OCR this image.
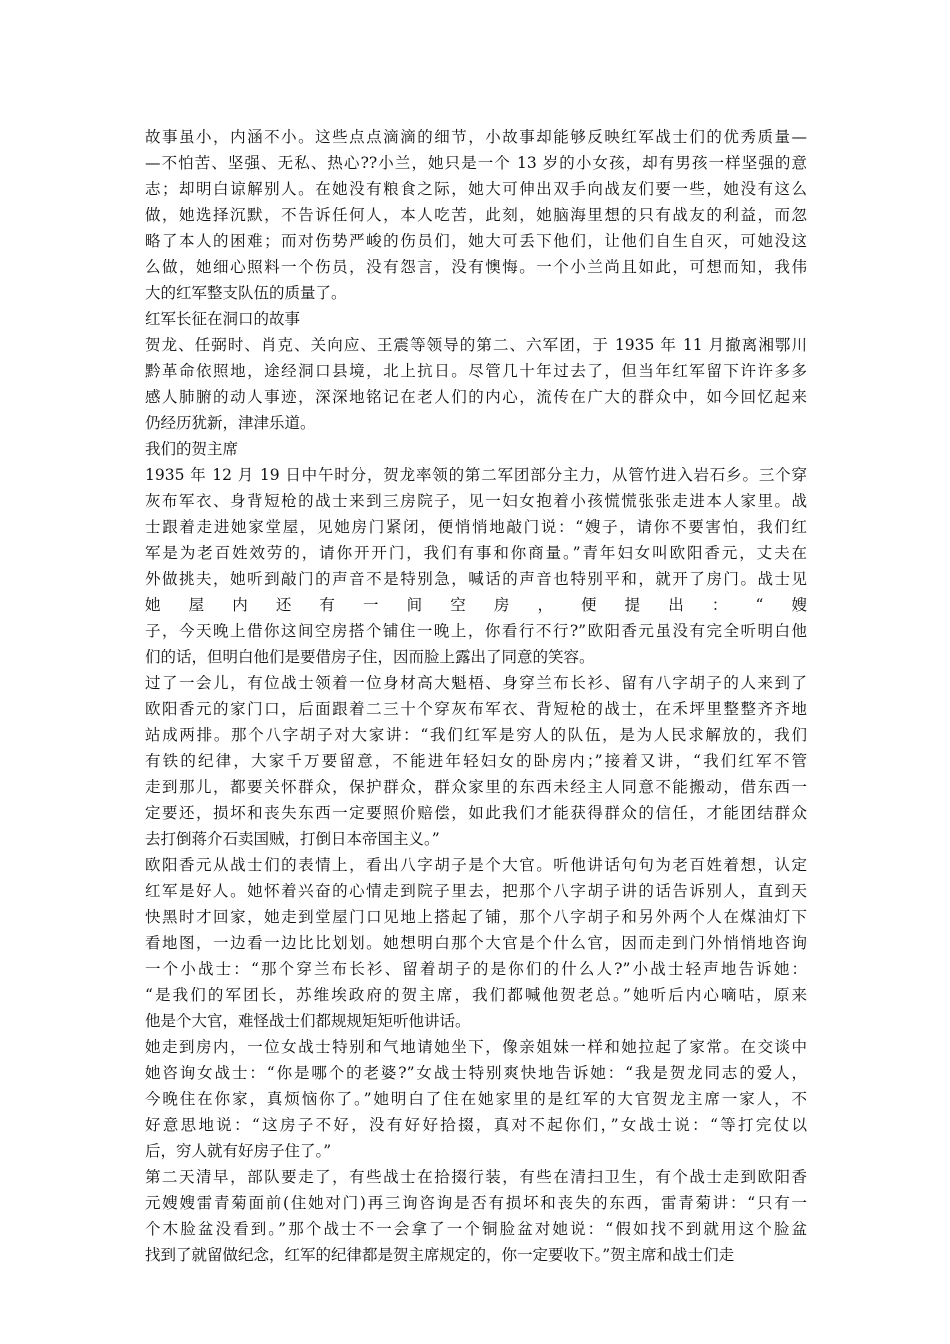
故事虽小，内涵不小。这些点点滴滴的细节，小故事却能够反映红军战士们的优秀质量—
—不怕苦、坚强、无私、热心??小兰，她只是一个 13 岁的小女孩，却有男孩一样坚强的意
志；却明白谅解别人。在她没有粮食之际，她大可伸出双手向战友们要一些，她没有这么
做，她选择沉默，不告诉任何人，本人吃苦，此刻，她脑海里想的只有战友的利益，而忽
略了本人的困难；而对伤势严峻的伤员们，她大可丢下他们，让他们自生自灭，可她没这
么做，她细心照料一个伤员，没有怨言，没有懊悔。一个小兰尚且如此，可想而知，我伟
大的红军整支队伍的质量了。
红军长征在洞口的故事
贺龙、任弼时、肖克、关向应、王震等领导的第二、六军团，于 1935 年 11 月撤离湘鄂川
黔革命依照地，途经洞口县境，北上抗日。尽管几十年过去了，但当年红军留下许许多多
感人肺腑的动人事迹，深深地铭记在老人们的内心，流传在广大的群众中，如今回忆起来
仍经历犹新，津津乐道。
我们的贺主席
1935 年 12 月 19 日中午时分，贺龙率领的第二军团部分主力，从管竹进入岩石乡。三个穿
灰布军衣、身背短枪的战士来到三房院子，见一妇女抱着小孩慌慌张张走进本人家里。战
士跟着走进她家堂屋，见她房门紧闭，便悄悄地敲门说：“嫂子，请你不要害怕，我们红
军是为老百姓效劳的，请你开开门，我们有事和你商量。”青年妇女叫欧阳香元，丈夫在
外做挑夫，她听到敲门的声音不是特别急，喊话的声音也特别平和，就开了房门。战士见
她屋内还有一间空房，便提出：“嫂
子，今天晚上借你这间空房搭个铺住一晚上，你看行不行?”欧阳香元虽没有完全听明白他
们的话，但明白他们是要借房子住，因而脸上露出了同意的笑容。
过了一会儿，有位战士领着一位身材高大魁梧、身穿兰布长衫、留有八字胡子的人来到了
欧阳香元的家门口，后面跟着二三十个穿灰布军衣、背短枪的战士，在禾坪里整整齐齐地
站成两排。那个八字胡子对大家讲：“我们红军是穷人的队伍，是为人民求解放的，我们
有铁的纪律，大家千万要留意，不能进年轻妇女的卧房内；”接着又讲，“我们红军不管
走到那儿，都要关怀群众，保护群众，群众家里的东西未经主人同意不能搬动，借东西一
定要还，损坏和丧失东西一定要照价赔偿，如此我们才能获得群众的信任，才能团结群众
去打倒蒋介石卖国贼，打倒日本帝国主义。”
欧阳香元从战士们的表情上，看出八字胡子是个大官。听他讲话句句为老百姓着想，认定
红军是好人。她怀着兴奋的心情走到院子里去，把那个八字胡子讲的话告诉别人，直到天
快黑时才回家，她走到堂屋门口见地上搭起了铺，那个八字胡子和另外两个人在煤油灯下
看地图，一边看一边比比划划。她想明白那个大官是个什么官，因而走到门外悄悄地咨询
一个小战士：“那个穿兰布长衫、留着胡子的是你们的什么人?”小战士轻声地告诉她：
“是我们的军团长，苏维埃政府的贺主席，我们都喊他贺老总。”她听后内心嘀咕，原来
他是个大官，难怪战士们都规规矩矩听他讲话。
她走到房内，一位女战士特别和气地请她坐下，像亲姐妹一样和她拉起了家常。在交谈中
她咨询女战士：“你是哪个的老婆?”女战士特别爽快地告诉她：“我是贺龙同志的爱人，
今晚住在你家，真烦恼你了。”她明白了住在她家里的是红军的大官贺龙主席一家人，不
好意思地说：“这房子不好，没有好好拾掇，真对不起你们，”女战士说：“等打完仗以
后，穷人就有好房子住了。”
第二天清早，部队要走了，有些战士在拾掇行装，有些在清扫卫生，有个战士走到欧阳香
元嫂嫂雷青菊面前(住她对门)再三询咨询是否有损坏和丧失的东西，雷青菊讲：“只有一
个木脸盆没看到。”那个战士不一会拿了一个铜脸盆对她说：“假如找不到就用这个脸盆
找到了就留做纪念，红军的纪律都是贺主席规定的，你一定要收下。”贺主席和战士们走
